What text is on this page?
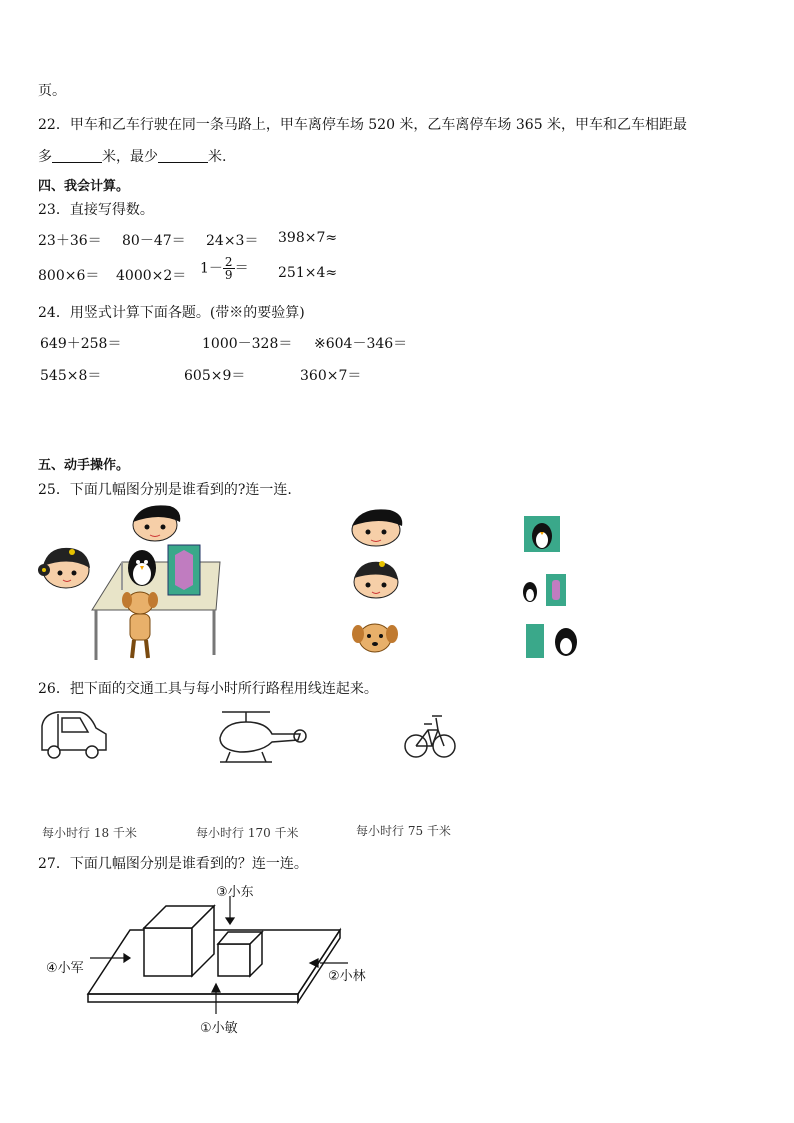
页。
22．甲车和乙车行驶在同一条马路上，甲车离停车场 520 米，乙车离停车场 365 米，甲车和乙车相距最
多	米，最少	米.
四、我会计算。
23．直接写得数。
23＋36＝ 80－47＝ 24×3＝ 398×7≈
$800\times 6= 4000\times 2= 1- \frac{2}{9} = 251\times 4\approx$
24．用竖式计算下面各题。(带※的要验算)
649＋258＝	1000－328＝ ※604－346＝
545×8＝	605×9＝	360×7＝
五、动手操作。
25．下面几幅图分别是谁看到的?连一连.
26．把下面的交通工具与每小时所行路程用线连起来。
每小时行 18 千米	每小时行 170 千米	每小时行 75 千米
27．下面几幅图分别是谁看到的？连一连。
③小东
④小军
②小林
①小敏
